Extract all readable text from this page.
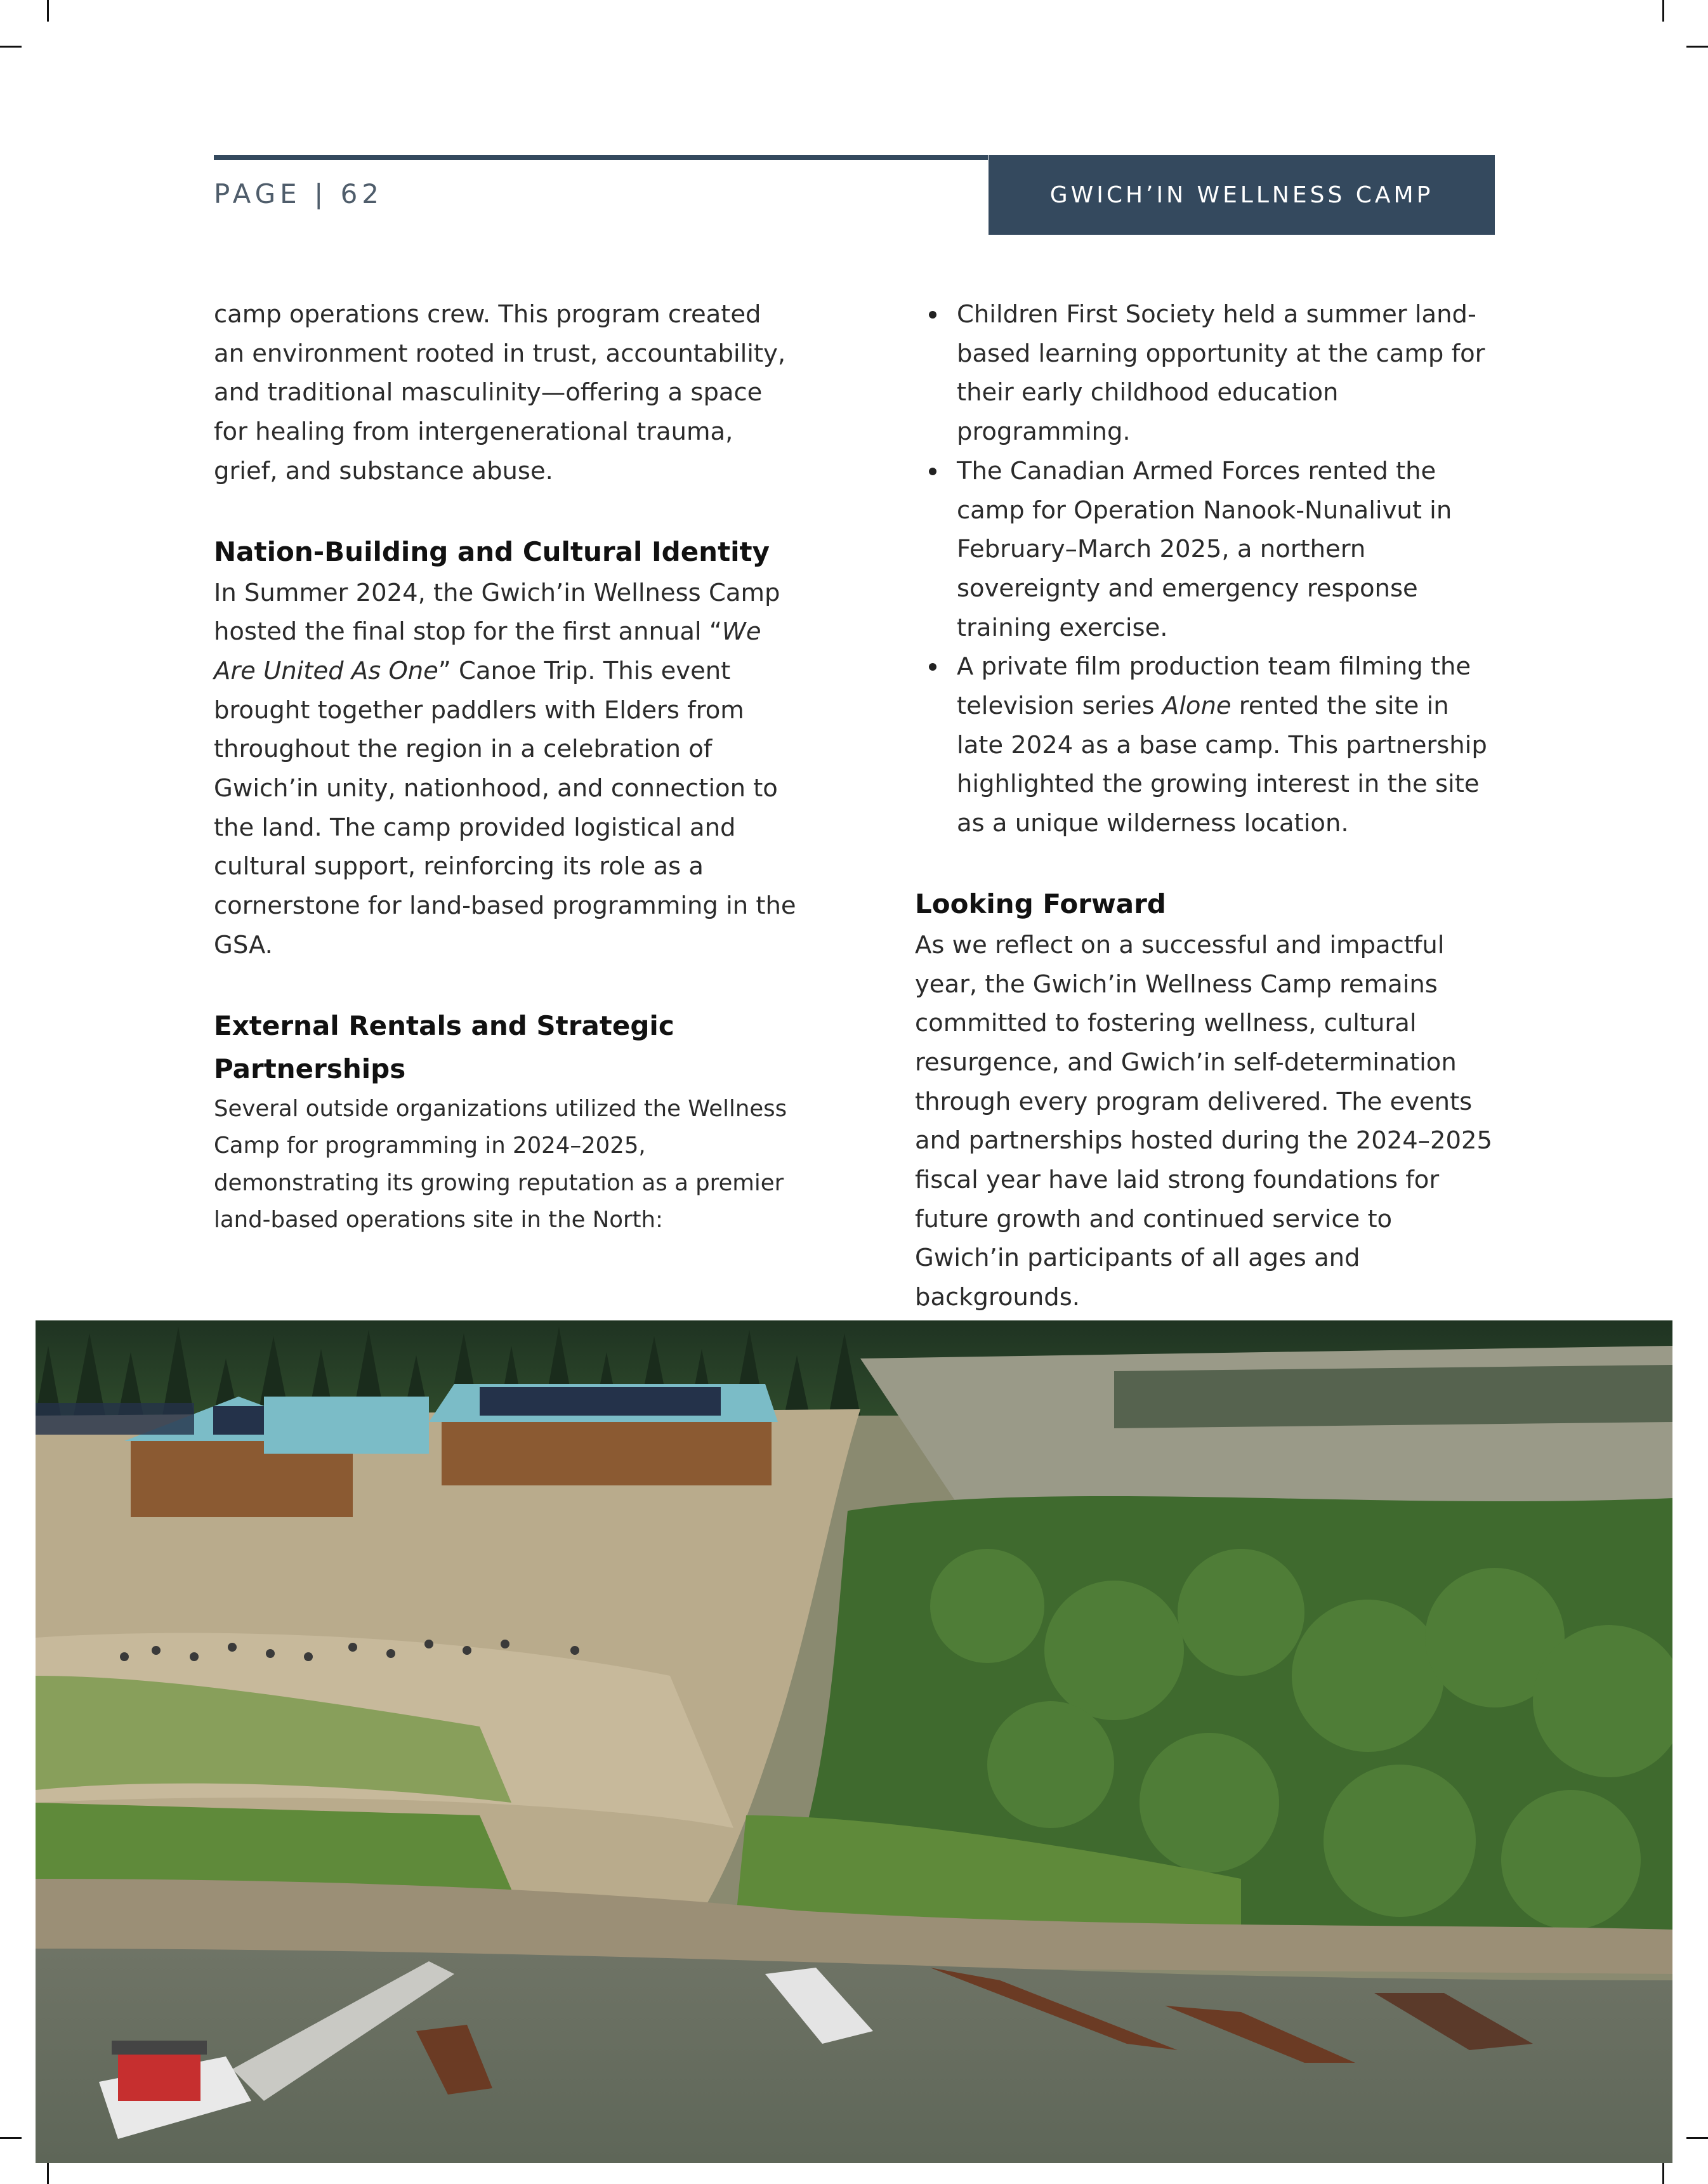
PAGE | 62	GWICH’IN WELLNESS CAMP

camp operations crew. This program created an environment rooted in trust, accountability, and traditional masculinity—offering a space for healing from intergenerational trauma, grief, and substance abuse.

Nation-Building and Cultural Identity

In Summer 2024, the Gwich’in Wellness Camp hosted the final stop for the first annual “We Are United As One” Canoe Trip. This event brought together paddlers with Elders from throughout the region in a celebration of Gwich’in unity, nationhood, and connection to the land. The camp provided logistical and cultural support, reinforcing its role as a cornerstone for land-based programming in the GSA.

External Rentals and Strategic Partnerships

Several outside organizations utilized the Wellness Camp for programming in 2024–2025, demonstrating its growing reputation as a premier land-based operations site in the North:

Children First Society held a summer land-based learning opportunity at the camp for their early childhood education programming.
The Canadian Armed Forces rented the camp for Operation Nanook-Nunalivut in February–March 2025, a northern sovereignty and emergency response training exercise.
A private film production team filming the television series Alone rented the site in late 2024 as a base camp. This partnership highlighted the growing interest in the site as a unique wilderness location.
Looking Forward

As we reflect on a successful and impactful year, the Gwich’in Wellness Camp remains committed to fostering wellness, cultural resurgence, and Gwich’in self-determination through every program delivered. The events and partnerships hosted during the 2024–2025 fiscal year have laid strong foundations for future growth and continued service to Gwich’in participants of all ages and backgrounds.
